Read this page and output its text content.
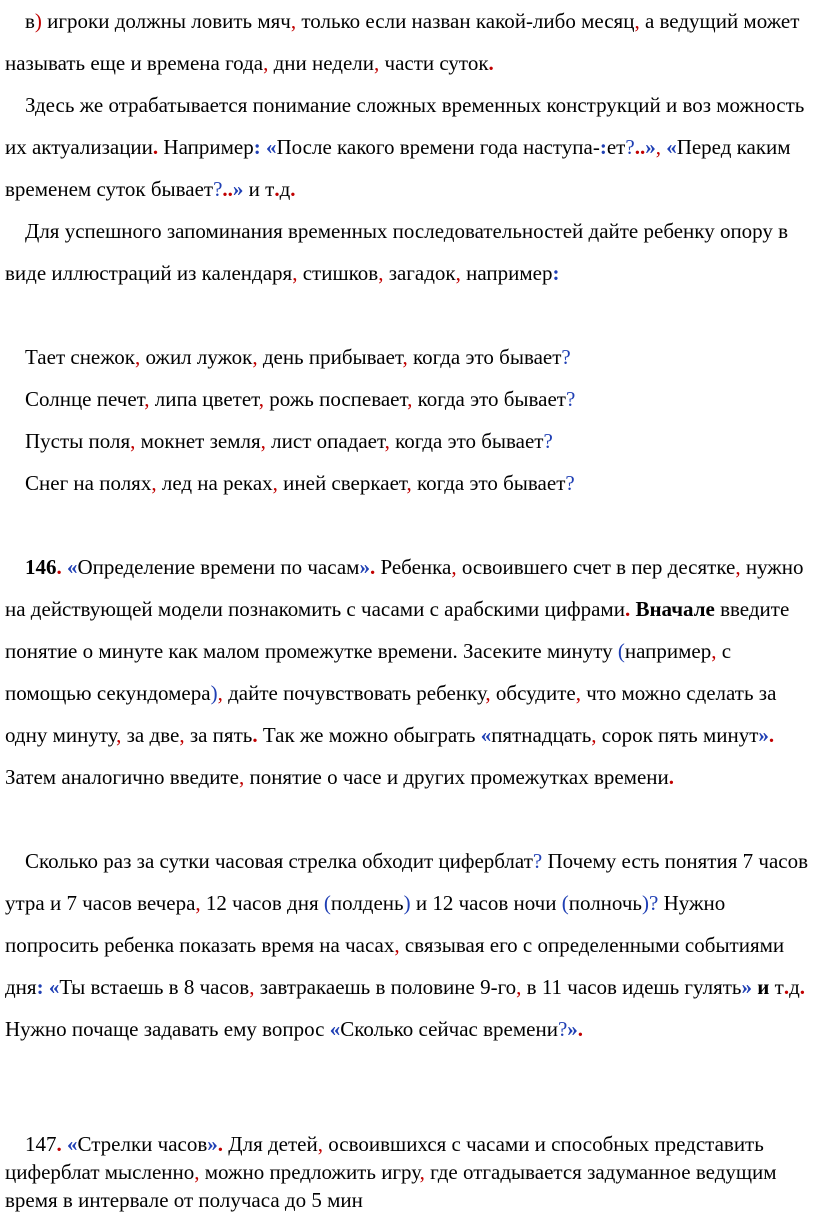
в) игроки должны ловить мяч, только если назван какой-либо месяц, а ведущий может называть еще и времена года, дни недели, части суток.

Здесь же отрабатывается понимание сложных временных конструкций и воз можность их актуализации. Например: «После какого времени года наступа-:ет?..», «Перед каким временем суток бывает?..» и т.д.

Для успешного запоминания временных последовательностей дайте ребенку опору в виде иллюстраций из календаря, стишков, загадок, например:

Тает снежок, ожил лужок, день прибывает, когда это бывает?

Солнце печет, липа цветет, рожь поспевает, когда это бывает?

Пусты поля, мокнет земля, лист опадает, когда это бывает?

Снег на полях, лед на реках, иней сверкает, когда это бывает?

146. «Определение времени по часам». Ребенка, освоившего счет в пер десятке, нужно на действующей модели познакомить с часами с арабскими цифрами. Вначале введите понятие о минуте как малом промежутке времени. Засеките минуту (например, с помощью секундомера), дайте почувствовать ребенку, обсудите, что можно сделать за одну минуту, за две, за пять. Так же можно обыграть «пятнадцать, сорок пять минут». Затем аналогично введите, понятие о часе и других промежутках времени.

Сколько раз за сутки часовая стрелка обходит циферблат? Почему есть понятия 7 часов утра и 7 часов вечера, 12 часов дня (полдень) и 12 часов ночи (полночь)? Нужно попросить ребенка показать время на часах, связывая его с определенными событиями дня: «Ты встаешь в 8 часов, завтракаешь в половине 9-го, в 11 часов идешь гулять» и т.д. Нужно почаще задавать ему вопрос «Сколько сейчас времени?».

147. «Стрелки часов». Для детей, освоившихся с часами и способных представить циферблат мысленно, можно предложить игру, где отгадывается задуманное ведущим время в интервале от получаса до 5 мин
